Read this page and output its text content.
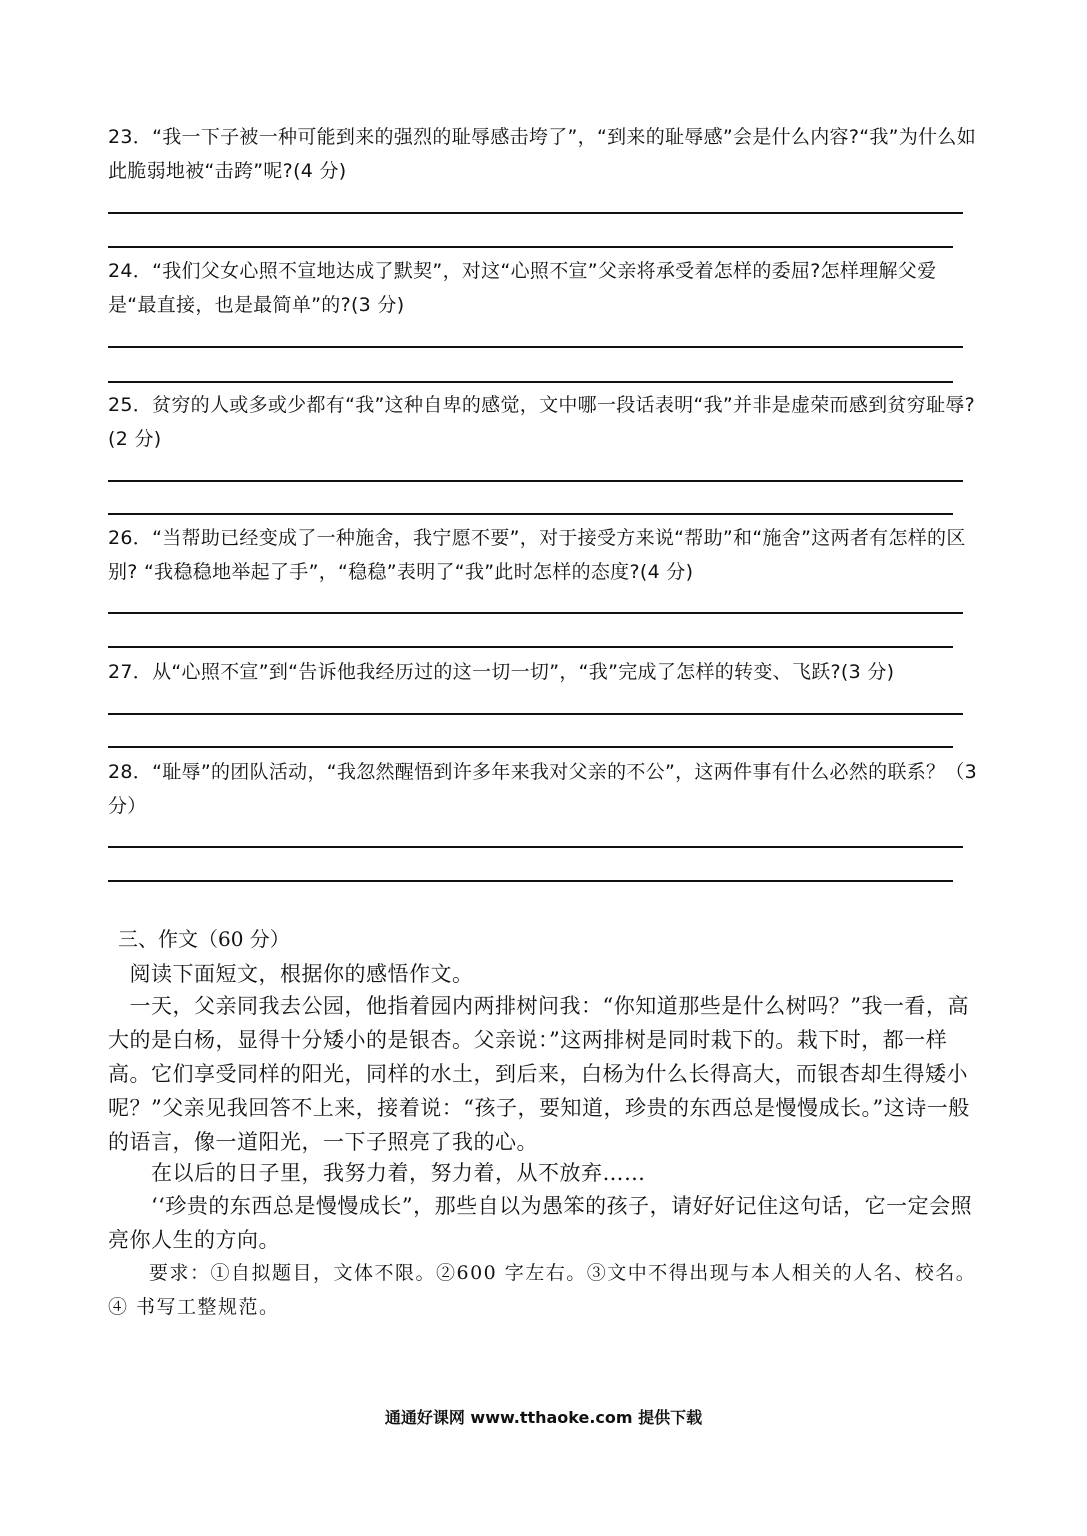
23．“我一下子被一种可能到来的强烈的耻辱感击垮了”，“到来的耻辱感”会是什么内容?“我”为什么如此脆弱地被“击跨”呢?(4 分)
24．“我们父女心照不宣地达成了默契”，对这“心照不宣”父亲将承受着怎样的委屈?怎样理解父爱是“最直接，也是最简单”的?(3 分)
25．贫穷的人或多或少都有“我”这种自卑的感觉，文中哪一段话表明“我”并非是虚荣而感到贫穷耻辱?(2 分)
26．“当帮助已经变成了一种施舍，我宁愿不要”，对于接受方来说“帮助”和“施舍”这两者有怎样的区别? “我稳稳地举起了手”，“稳稳”表明了“我”此时怎样的态度?(4 分)
27．从“心照不宣”到“告诉他我经历过的这一切一切”，“我”完成了怎样的转变、飞跃?(3 分)
28．“耻辱”的团队活动，“我忽然醒悟到许多年来我对父亲的不公”，这两件事有什么必然的联系？（3 分）
三、作文（60 分）
　阅读下面短文，根据你的感悟作文。
　一天，父亲同我去公园，他指着园内两排树问我：“你知道那些是什么树吗？”我一看，高大的是白杨，显得十分矮小的是银杏。父亲说：”这两排树是同时栽下的。栽下时，都一样高。它们享受同样的阳光，同样的水土，到后来，白杨为什么长得高大，而银杏却生得矮小呢？”父亲见我回答不上来，接着说：“孩子，要知道，珍贵的东西总是慢慢成长。”这诗一般的语言，像一道阳光，一下子照亮了我的心。
　　在以后的日子里，我努力着，努力着，从不放弃……
　　‘‘珍贵的东西总是慢慢成长”，那些自以为愚笨的孩子，请好好记住这句话，它一定会照亮你人生的方向。
　　要求：①自拟题目，文体不限。②600 字左右。③文中不得出现与本人相关的人名、校名。④ 书写工整规范。
通通好课网 www.tthaoke.com 提供下载
